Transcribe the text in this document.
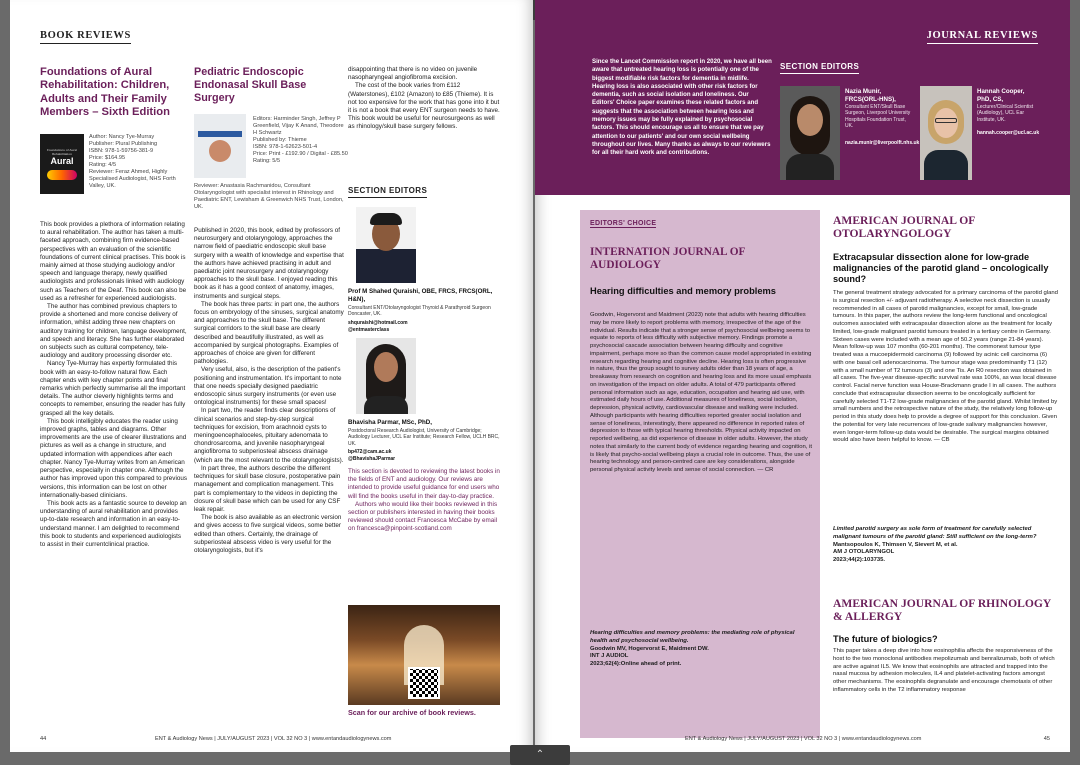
BOOK REVIEWS
Foundations of Aural Rehabilitation: Children, Adults and Their Family Members – Sixth Edition
Foundations of Aural Rehabilitation
Aural
Author: Nancy Tye-Murray
Publisher: Plural Publishing
ISBN: 978-1-59756-381-9
Price: $164.95
Rating: 4/5
Reviewer: Feraz Ahmed, Highly Specialised Audiologist, NHS Forth Valley, UK.

This book provides a plethora of information relating to aural rehabilitation. The author has taken a multi-faceted approach, combining firm evidence-based perspectives with an evaluation of the scientific foundations of current clinical practises. This book is mainly aimed at those studying audiology and/or speech and language therapy, newly qualified audiologists and professionals linked with audiology such as Teachers of the Deaf. This book can also be used as a refresher for experienced audiologists.

The author has combined previous chapters to provide a shortened and more concise delivery of information, whilst adding three new chapters on auditory training for children, language development, and speech and literacy. She has further elaborated on subjects such as cultural competency, tele-audiology and auditory processing disorder etc.

Nancy Tye-Murray has expertly formulated this book with an easy-to-follow natural flow. Each chapter ends with key chapter points and final remarks which perfectly summarise all the important details. The author cleverly highlights terms and concepts to remember, ensuring the reader has fully grasped all the key details.

This book intelligibly educates the reader using improved graphs, tables and diagrams. Other improvements are the use of clearer illustrations and pictures as well as a change in structure, and updated information with appendices after each chapter. Nancy Tye-Murray writes from an American perspective, especially in chapter one. Although the author has improved upon this compared to previous versions, this information can be lost on other internationally-based clinicians.

This book acts as a fantastic source to develop an understanding of aural rehabilitation and provides up-to-date research and information in an easy-to-understand manner. I am delighted to recommend this book to students and experienced audiologists to assist in their currentclinical practice.

Pediatric Endoscopic Endonasal Skull Base Surgery
Editors: Harminder Singh, Jeffrey P Greenfield, Vijay K Anand, Theodore H Schwartz
Published by: Thieme
ISBN: 978-1-62623-501-4
Price: Print - £192.90 / Digital - £85.50
Rating: 5/5
Reviewer: Anastasia Rachmanidou, Consultant Otolaryngologist with specialist interest in Rhinology and Paediatric ENT, Lewisham & Greenwich NHS Trust, London, UK.

Published in 2020, this book, edited by professors of neurosurgery and otolaryngology, approaches the narrow field of paediatric endoscopic skull base surgery with a wealth of knowledge and expertise that the authors have achieved practising in adult and paediatric joint neurosurgery and otolaryngology approaches to the skull base. I enjoyed reading this book as it has a good context of anatomy, images, instruments and surgical steps.

The book has three parts: in part one, the authors focus on embryology of the sinuses, surgical anatomy and approaches to the skull base. The different surgical corridors to the skull base are clearly described and beautifully illustrated, as well as accompanied by surgical photographs. Examples of approaches of choice are given for different pathologies.

Very useful, also, is the description of the patient's positioning and instrumentation. It's important to note that one needs specially designed paediatric endoscopic sinus surgery instruments (or even use ontological instruments) for these small spaces!

In part two, the reader finds clear descriptions of clinical scenarios and step-by-step surgical techniques for excision, from arachnoid cysts to meningoencephaloceles, pituitary adenomata to chondrosarcoma, and juvenile nasopharyngeal angiofibroma to subperiosteal abscess drainage (which are the most relevant to the otolaryngologists).

In part three, the authors describe the different techniques for skull base closure, postoperative pain management and complication management. This part is complementary to the videos in depicting the closure of skull base which can be used for any CSF leak repair.

The book is also available as an electronic version and gives access to five surgical videos, some better edited than others. Certainly, the drainage of subperiosteal abscess video is very useful for the otolaryngologists, but it's

disappointing that there is no video on juvenile nasopharyngeal angiofibroma excision.

The cost of the book varies from £112 (Waterstones), £102 (Amazon) to £85 (Thieme). It is not too expensive for the work that has gone into it but it is not a book that every ENT surgeon needs to have. This book would be useful for neurosurgeons as well as rhinology/skull base surgery fellows.

SECTION EDITORS
Prof M Shahed Quraishi, OBE, FRCS, FRCS(ORL, H&N),
Consultant ENT/Otolaryngologist Thyroid & Parathyroid Surgeon Doncaster, UK.
shquraishi@hotmail.com
@entmasterclass
Bhavisha Parmar, MSc, PhD,
Postdoctoral Research Audiologist, University of Cambridge; Audiology Lecturer, UCL Ear Institute; Research Fellow, UCLH BRC, UK.
bp472@cam.ac.uk
@BhavishaJParmar

This section is devoted to reviewing the latest books in the fields of ENT and audiology. Our reviews are intended to provide useful guidance for end users who will find the books useful in their day-to-day practice.

Authors who would like their books reviewed in this section or publishers interested in having their books reviewed should contact Francesca McCabe by email on francesca@pinpoint-scotland.com

Scan for our archive of book reviews.
44	ENT & Audiology News | JULY/AUGUST 2023 | VOL 32 NO 3 | www.entandaudiologynews.com
JOURNAL REVIEWS
Since the Lancet Commission report in 2020, we have all been aware that untreated hearing loss is potentially one of the biggest modifiable risk factors for dementia in midlife. Hearing loss is also associated with other risk factors for dementia, such as social isolation and loneliness. Our Editors' Choice paper examines these related factors and suggests that the association between hearing loss and memory issues may be fully explained by psychosocial factors. This should encourage us all to ensure that we pay attention to our patients' and our own social wellbeing throughout our lives. Many thanks as always to our reviewers for all their hard work and contributions.
SECTION EDITORS
Nazia Munir, FRCS(ORL-HNS),
Consultant ENT/Skull Base Surgeon, Liverpool University Hospitals Foundation Trust, UK.
nazia.munir@liverpoolft.nhs.uk
Hannah Cooper, PhD, CS,
Lecturer/Clinical Scientist (Audiology), UCL Ear Institute, UK.
hannah.cooper@ucl.ac.uk
EDITORS' CHOICE
INTERNATION JOURNAL OF AUDIOLOGY
Hearing difficulties and memory problems
Goodwin, Hogervorst and Maidment (2023) note that adults with hearing difficulties may be more likely to report problems with memory, irrespective of the age of the individual. Results indicate that a stronger sense of psychosocial wellbeing seems to equate to reports of less difficulty with subjective memory. Findings promote a psychosocial cascade association between hearing difficulty and cognitive impairment, perhaps more so than the common cause model appropriated in existing research regarding hearing and cognitive decline. Hearing loss is often progressive in nature, thus the group sought to survey adults older than 18 years of age, a breakaway from research on cognition and hearing loss and its more usual emphasis on investigation of the impact on older adults. A total of 479 participants offered personal information such as age, education, occupation and hearing aid use, with estimated daily hours of use. Additional measures of loneliness, social isolation, depression, physical activity, cardiovascular disease and walking were included. Although participants with hearing difficulties reported greater social isolation and sense of loneliness, interestingly, there appeared no difference in reported rates of depression to those with typical hearing thresholds. Physical activity impacted on reported wellbeing, as did experience of disease in older adults. However, the study notes that similarly to the current body of evidence regarding hearing and cognition, it is likely that psycho-social wellbeing plays a crucial role in outcome. Thus, the use of hearing technology and person-centred care are key considerations, alongside personal physical activity levels and sense of social connection. — CR
Hearing difficulties and memory problems: the mediating role of physical health and psychosocial wellbeing.
Goodwin MV, Hogervorst E, Maidment DW.
INT J AUDIOL
2023;62(4):Online ahead of print.
AMERICAN JOURNAL OF OTOLARYNGOLOGY
Extracapsular dissection alone for low-grade malignancies of the parotid gland – oncologically sound?
The general treatment strategy advocated for a primary carcinoma of the parotid gland is surgical resection +/- adjuvant radiotherapy. A selective neck dissection is usually recommended in all cases of parotid malignancies, except for small, low-grade tumours. In this paper, the authors review the long-term functional and oncological outcomes associated with extracapsular dissection alone as the treatment for locally limited, low-grade malignant parotid tumours treated in a tertiary centre in Germany. Sixteen cases were included with a mean age of 50.2 years (range 21-84 years). Mean follow-up was 107 months (60-201 months). The commonest tumour type treated was a mucoepidermoid carcinoma (9) followed by acinic cell carcinoma (6) with one basal cell adenocarcinoma. The tumour stage was predominantly T1 (12) with a small number of T2 tumours (3) and one Tis. An R0 resection was obtained in all cases. The five-year disease-specific survival rate was 100%, as was local disease control. Facial nerve function was House-Brackmann grade I in all cases. The authors conclude that extracapsular dissection seems to be oncologically sufficient for carefully selected T1-T2 low-grade malignancies of the parotid gland. Whilst limited by small numbers and the retrospective nature of the study, the relatively long follow-up period in this study does help to provide a degree of support for this conclusion. Given the potential for very late recurrences of low-grade salivary malignancies however, even longer-term follow-up data would be desirable. The surgical margins obtained would also have been helpful to know. — CB
Limited parotid surgery as sole form of treatment for carefully selected malignant tumours of the parotid gland: Still sufficient on the long-term?
Mantsopoulos K, Thimsen V, Sievert M, et al.
AM J OTOLARYNGOL
2023;44(2):103735.
AMERICAN JOURNAL OF RHINOLOGY & ALLERGY
The future of biologics?
This paper takes a deep dive into how eosinophilia affects the responsiveness of the host to the two monoclonal antibodies mepolizumab and benralizumab, both of which are active against IL5. We know that eosinophils are attracted and trapped into the nasal mucosa by adhesion molecules, IL4 and platelet-activating factors amongst other mechanisms. The eosinophils degranulate and encourage chemotaxis of other inflammatory cells in the T2 inflammatory response
ENT & Audiology News | JULY/AUGUST 2023 | VOL 32 NO 3 | www.entandaudiologynews.com	45
⌃
